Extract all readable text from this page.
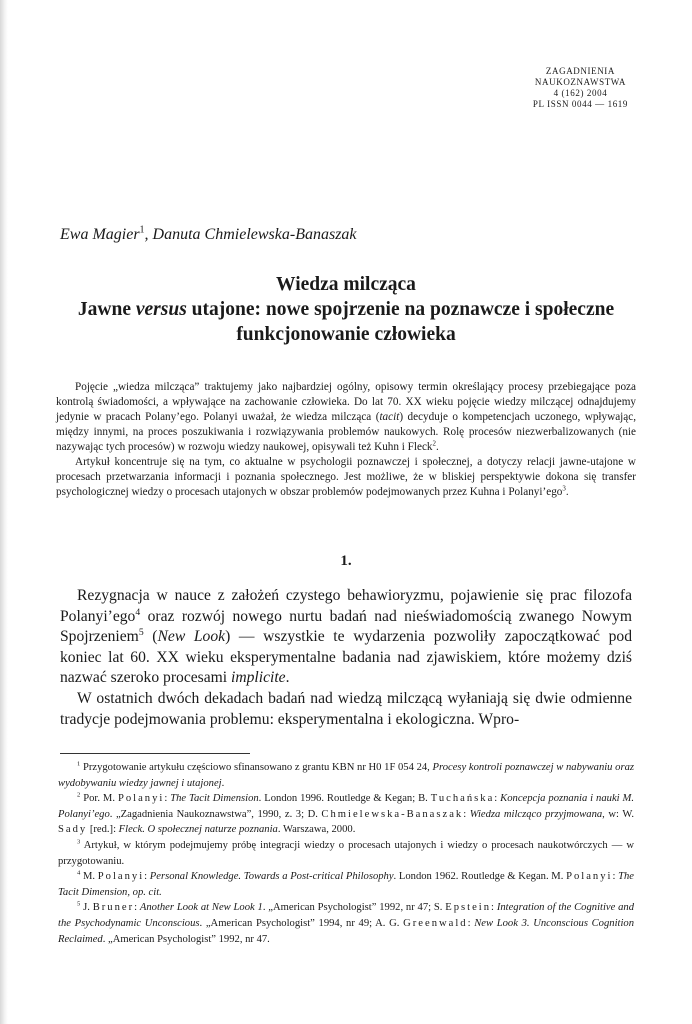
ZAGADNIENIA
NAUKOZNAWSTWA
4 (162) 2004
PL ISSN 0044 — 1619
Ewa Magier$^1$, Danuta Chmielewska-Banaszak
Wiedza milcząca
Jawne versus utajone: nowe spojrzenie na poznawcze i społeczne
funkcjonowanie człowieka

Pojęcie „wiedza milcząca” traktujemy jako najbardziej ogólny, opisowy termin określający procesy przebiegające poza kontrolą świadomości, a wpływające na zachowanie człowieka. Do lat 70. XX wieku pojęcie wiedzy milczącej odnajdujemy jedynie w pracach Polany’ego. Polanyi uważał, że wiedza milcząca (tacit) decyduje o kompetencjach uczonego, wpływając, między innymi, na proces poszukiwania i rozwiązywania problemów naukowych. Rolę procesów niezwerbalizowanych (nie nazywając tych procesów) w rozwoju wiedzy naukowej, opisywali też Kuhn i Fleck$^2$.

Artykuł koncentruje się na tym, co aktualne w psychologii poznawczej i społecznej, a dotyczy relacji jawne-utajone w procesach przetwarzania informacji i poznania społecznego. Jest możliwe, że w bliskiej perspektywie dokona się transfer psychologicznej wiedzy o procesach utajonych w obszar problemów podejmowanych przez Kuhna i Polanyi’ego$^3$.

1.

Rezygnacja w nauce z założeń czystego behawioryzmu, pojawienie się prac filozofa Polanyi’ego$^4$ oraz rozwój nowego nurtu badań nad nieświadomością zwanego Nowym Spojrzeniem$^5$ (New Look) — wszystkie te wydarzenia pozwoliły zapoczątkować pod koniec lat 60. XX wieku eksperymentalne badania nad zjawiskiem, które możemy dziś nazwać szeroko procesami implicite.

W ostatnich dwóch dekadach badań nad wiedzą milczącą wyłaniają się dwie odmienne tradycje podejmowania problemu: eksperymentalna i ekologiczna. Wpro-

$^1$ Przygotowanie artykułu częściowo sfinansowano z grantu KBN nr H0 1F 054 24, Procesy kontroli poznawczej w nabywaniu oraz wydobywaniu wiedzy jawnej i utajonej.

$^2$ Por. M. Polanyi: The Tacit Dimension. London 1996. Routledge & Kegan; B. Tuchańska: Koncepcja poznania i nauki M. Polanyi’ego. „Zagadnienia Naukoznawstwa”, 1990, z. 3; D. Chmielewska-Banaszak: Wiedza milcząco przyjmowana, w: W. Sady [red.]: Fleck. O społecznej naturze poznania. Warszawa, 2000.

$^3$ Artykuł, w którym podejmujemy próbę integracji wiedzy o procesach utajonych i wiedzy o procesach naukotwórczych — w przygotowaniu.

$^4$ M. Polanyi: Personal Knowledge. Towards a Post-critical Philosophy. London 1962. Routledge & Kegan. M. Polanyi: The Tacit Dimension, op. cit.

$^5$ J. Bruner: Another Look at New Look 1. „American Psychologist” 1992, nr 47; S. Epstein: Integration of the Cognitive and the Psychodynamic Unconscious. „American Psychologist” 1994, nr 49; A. G. Greenwald: New Look 3. Unconscious Cognition Reclaimed. „American Psychologist” 1992, nr 47.
